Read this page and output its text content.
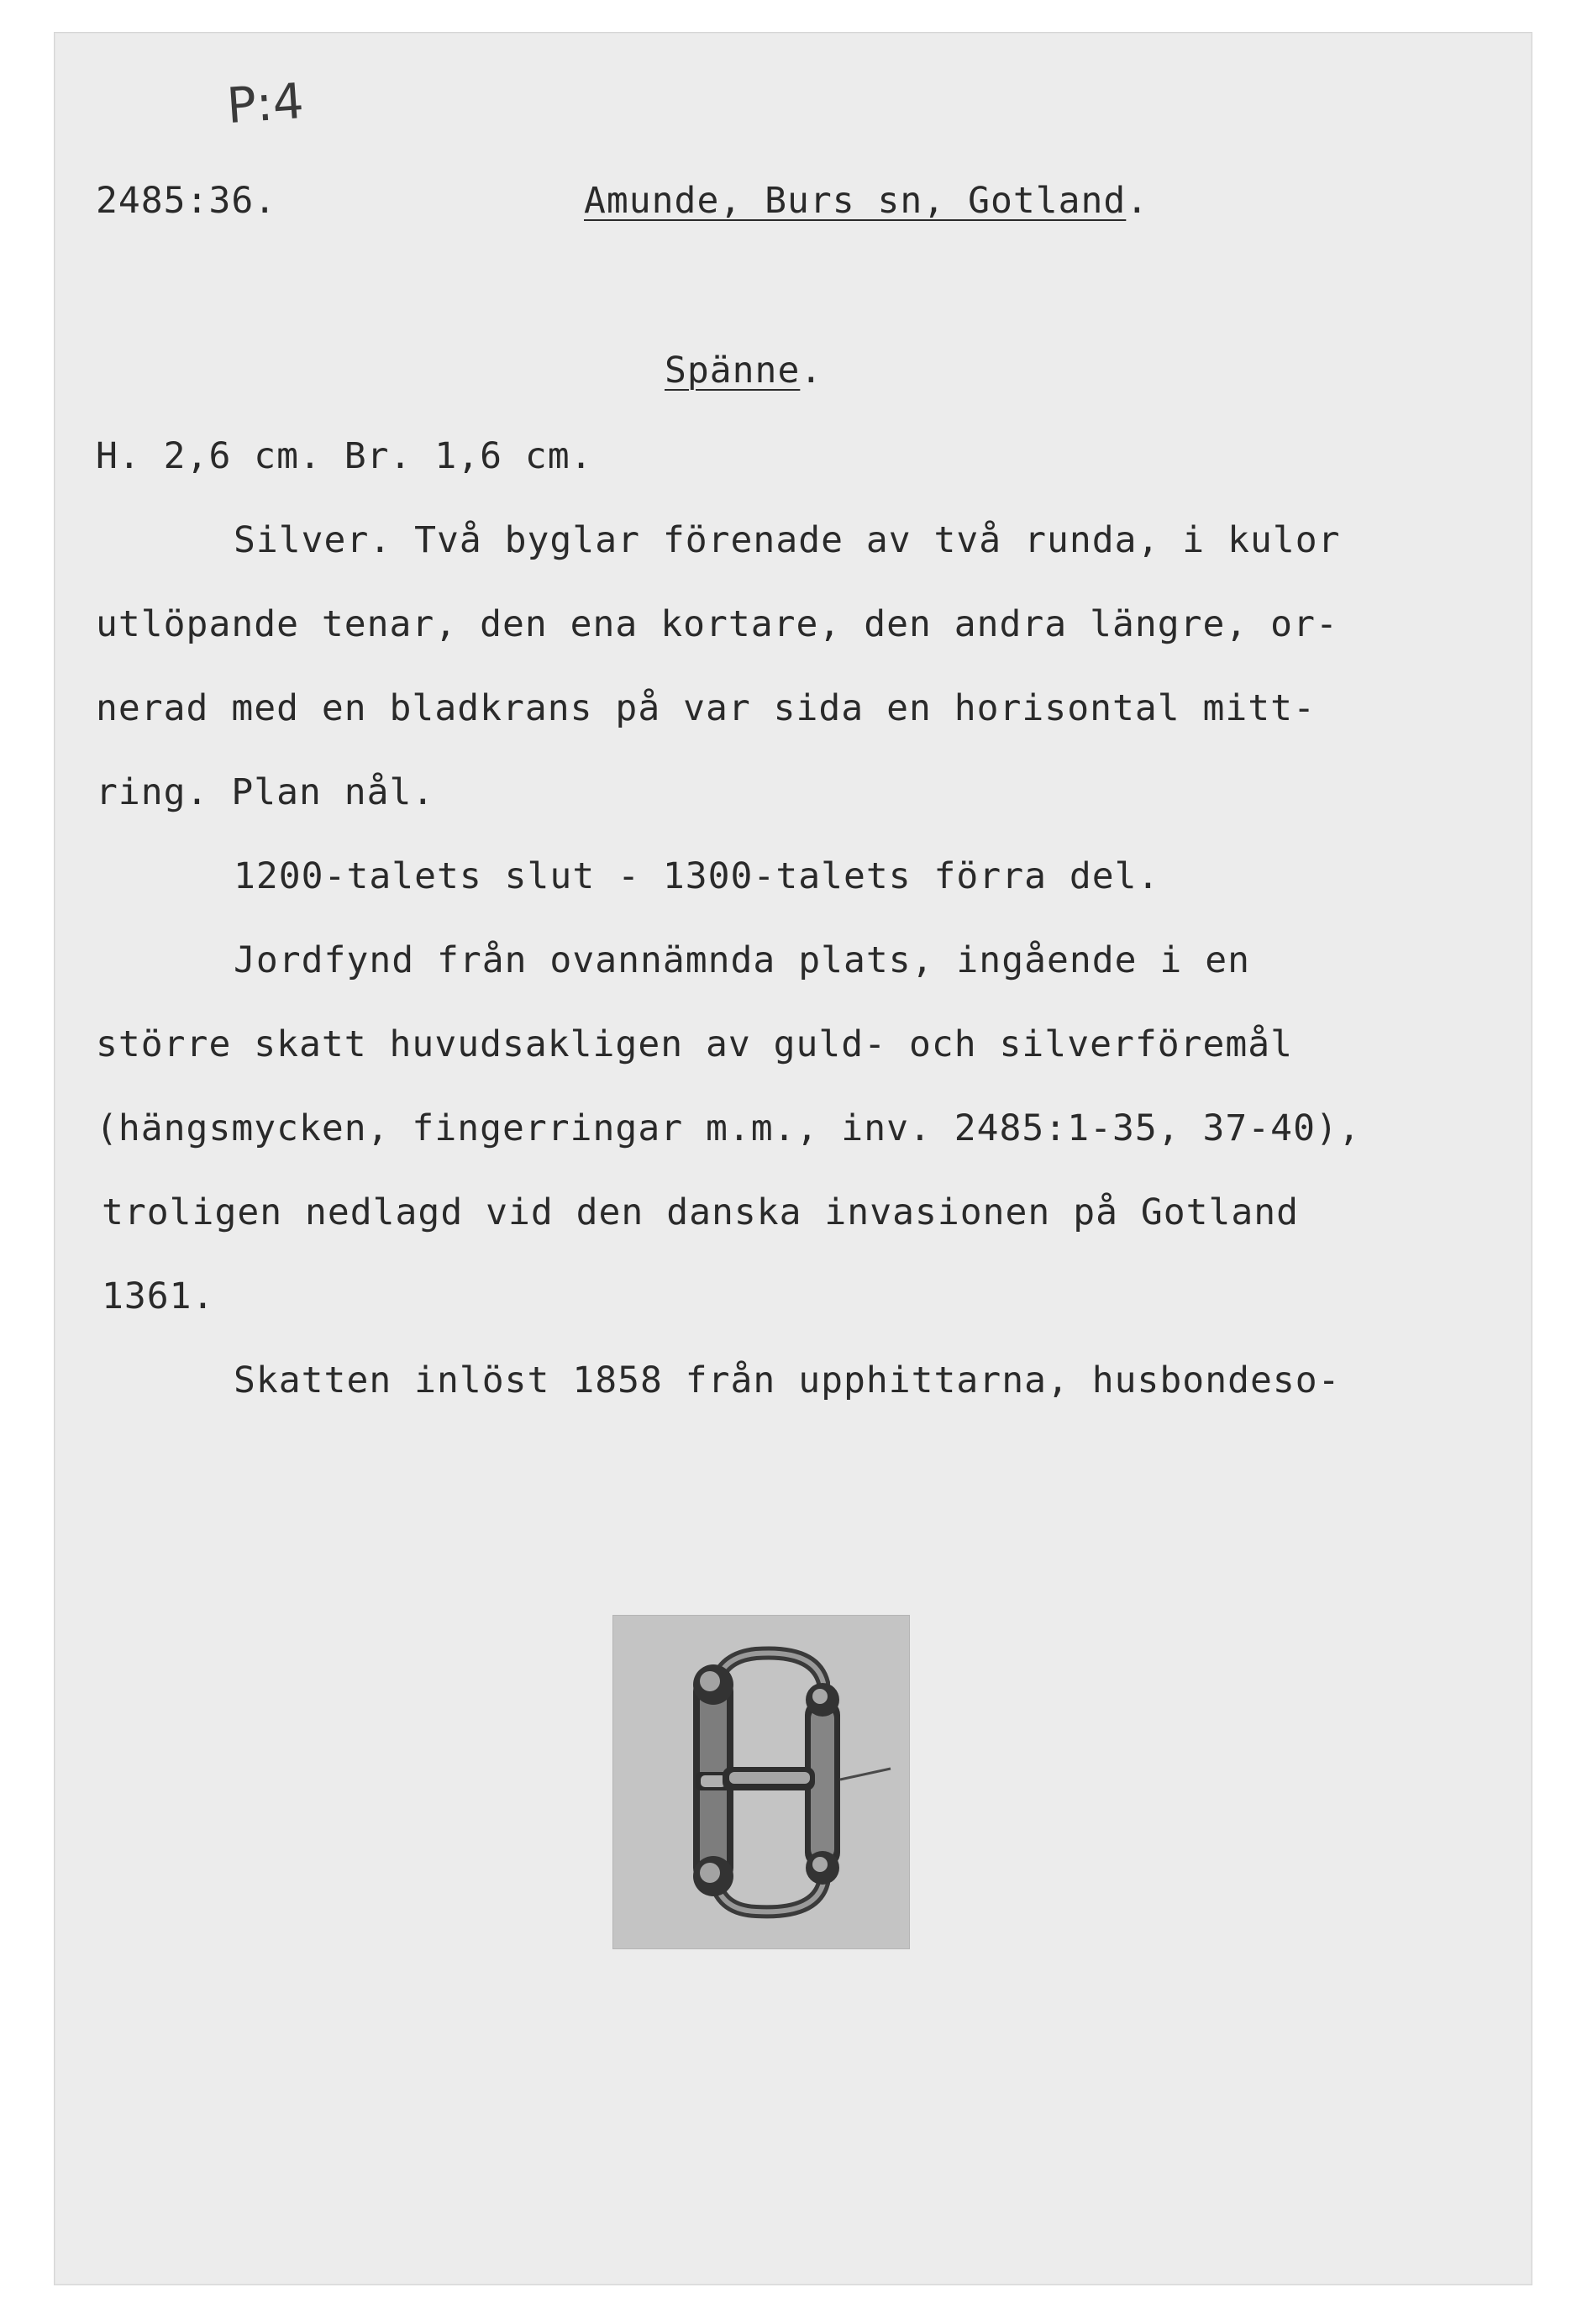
P:4
2485:36.	Amunde, Burs sn, Gotland.
Spänne.
H. 2,6 cm. Br. 1,6 cm.
Silver. Två byglar förenade av två runda, i kulor
utlöpande tenar, den ena kortare, den andra längre, or-
nerad med en bladkrans på var sida en horisontal mitt-
ring. Plan nål.
1200-talets slut - 1300-talets förra del.
Jordfynd från ovannämnda plats, ingående i en
större skatt huvudsakligen av guld- och silverföremål
(hängsmycken, fingerringar m.m., inv. 2485:1-35, 37-40),
troligen nedlagd vid den danska invasionen på Gotland
1361.
Skatten inlöst 1858 från upphittarna, husbondeso-
